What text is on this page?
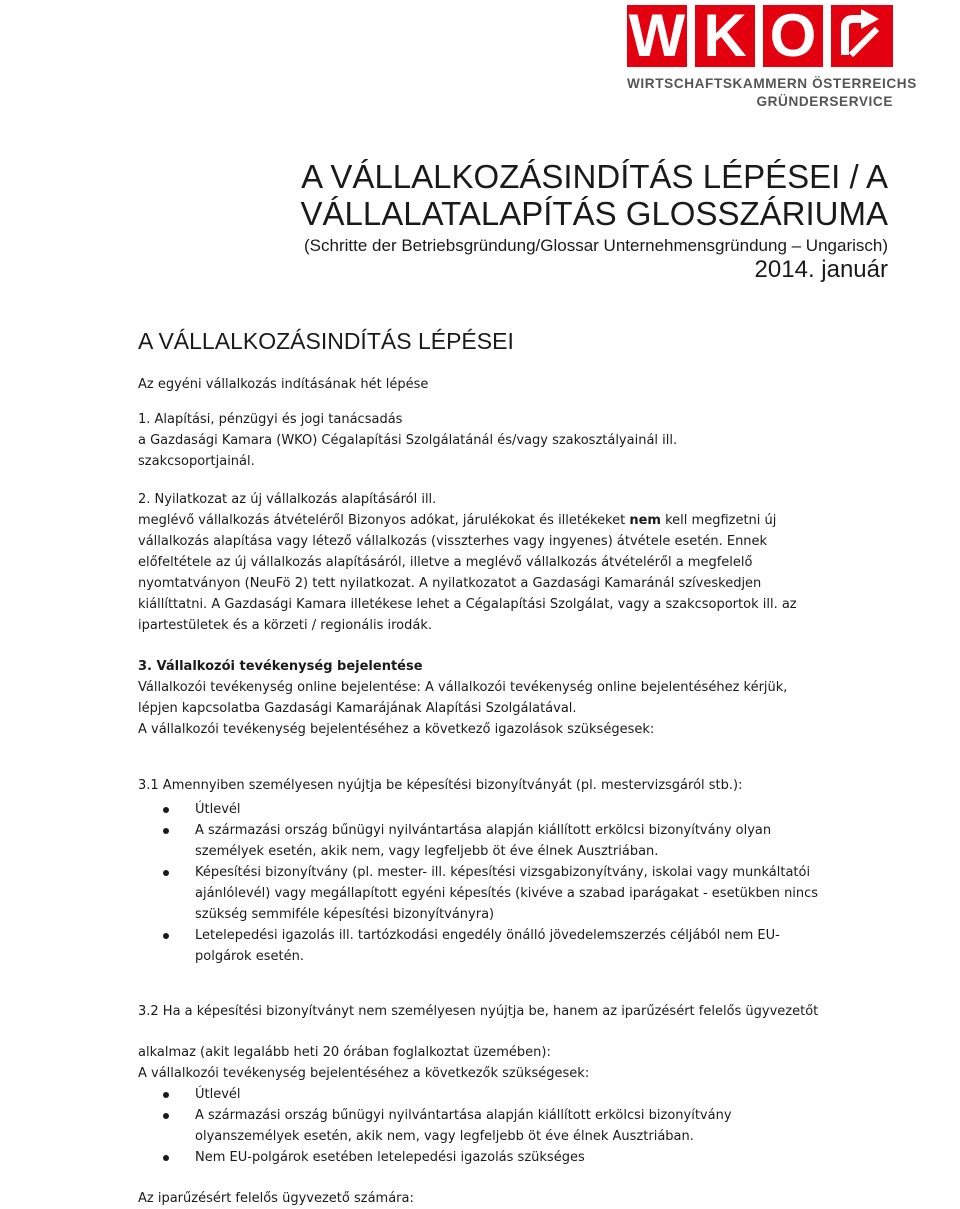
W K O
WIRTSCHAFTSKAMMERN ÖSTERREICHS
GRÜNDERSERVICE
A VÁLLALKOZÁSINDÍTÁS LÉPÉSEI / A
VÁLLALATALAPÍTÁS GLOSSZÁRIUMA
(Schritte der Betriebsgründung/Glossar Unternehmensgründung – Ungarisch)
2014. január
A VÁLLALKOZÁSINDÍTÁS LÉPÉSEI
Az egyéni vállalkozás indításának hét lépése
1. Alapítási, pénzügyi és jogi tanácsadás
a Gazdasági Kamara (WKO) Cégalapítási Szolgálatánál és/vagy szakosztályainál ill.
szakcsoportjainál.
2. Nyilatkozat az új vállalkozás alapításáról ill.
meglévő vállalkozás átvételéről Bizonyos adókat, járulékokat és illetékeket nem kell megfizetni új
vállalkozás alapítása vagy létező vállalkozás (visszterhes vagy ingyenes) átvétele esetén. Ennek
előfeltétele az új vállalkozás alapításáról, illetve a meglévő vállalkozás átvételéről a megfelelő
nyomtatványon (NeuFö 2) tett nyilatkozat. A nyilatkozatot a Gazdasági Kamaránál szíveskedjen
kiállíttatni. A Gazdasági Kamara illetékese lehet a Cégalapítási Szolgálat, vagy a szakcsoportok ill. az
ipartestületek és a körzeti / regionális irodák.
3. Vállalkozói tevékenység bejelentése
Vállalkozói tevékenység online bejelentése: A vállalkozói tevékenység online bejelentéséhez kérjük,
lépjen kapcsolatba Gazdasági Kamarájának Alapítási Szolgálatával.
A vállalkozói tevékenység bejelentéséhez a következő igazolások szükségesek:
3.1 Amennyiben személyesen nyújtja be képesítési bizonyítványát (pl. mestervizsgáról stb.):
Útlevél
A származási ország bűnügyi nyilvántartása alapján kiállított erkölcsi bizonyítvány olyan
személyek esetén, akik nem, vagy legfeljebb öt éve élnek Ausztriában.
Képesítési bizonyítvány (pl. mester- ill. képesítési vizsgabizonyítvány, iskolai vagy munkáltatói
ajánlólevél) vagy megállapított egyéni képesítés (kivéve a szabad iparágakat - esetükben nincs
szükség semmiféle képesítési bizonyítványra)
Letelepedési igazolás ill. tartózkodási engedély önálló jövedelemszerzés céljából nem EU-
polgárok esetén.
3.2 Ha a képesítési bizonyítványt nem személyesen nyújtja be, hanem az iparűzésért felelős ügyvezetőt
alkalmaz (akit legalább heti 20 órában foglalkoztat üzemében):
A vállalkozói tevékenység bejelentéséhez a következők szükségesek:
Útlevél
A származási ország bűnügyi nyilvántartása alapján kiállított erkölcsi bizonyítvány
olyanszemélyek esetén, akik nem, vagy legfeljebb öt éve élnek Ausztriában.
Nem EU-polgárok esetében letelepedési igazolás szükséges
Az iparűzésért felelős ügyvezető számára:
